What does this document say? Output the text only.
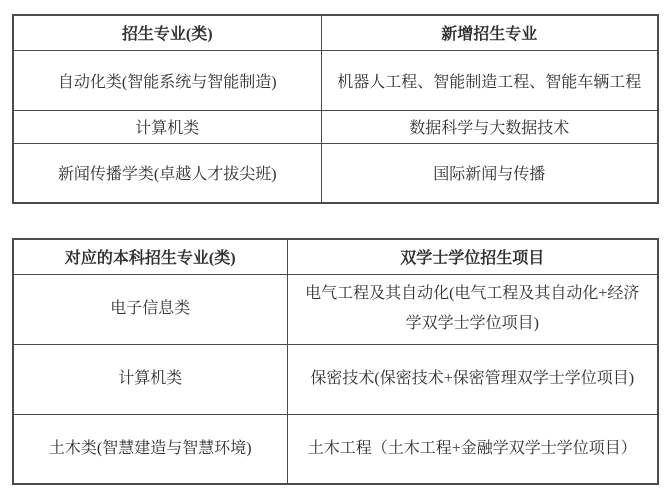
招生专业(类)	新增招生专业
自动化类(智能系统与智能制造)	机器人工程、智能制造工程、智能车辆工程
计算机类	数据科学与大数据技术
新闻传播学类(卓越人才拔尖班)	国际新闻与传播
对应的本科招生专业(类)	双学士学位招生项目
电子信息类	电气工程及其自动化(电气工程及其自动化+经济学双学士学位项目)
计算机类	保密技术(保密技术+保密管理双学士学位项目)
土木类(智慧建造与智慧环境)	土木工程（土木工程+金融学双学士学位项目）
